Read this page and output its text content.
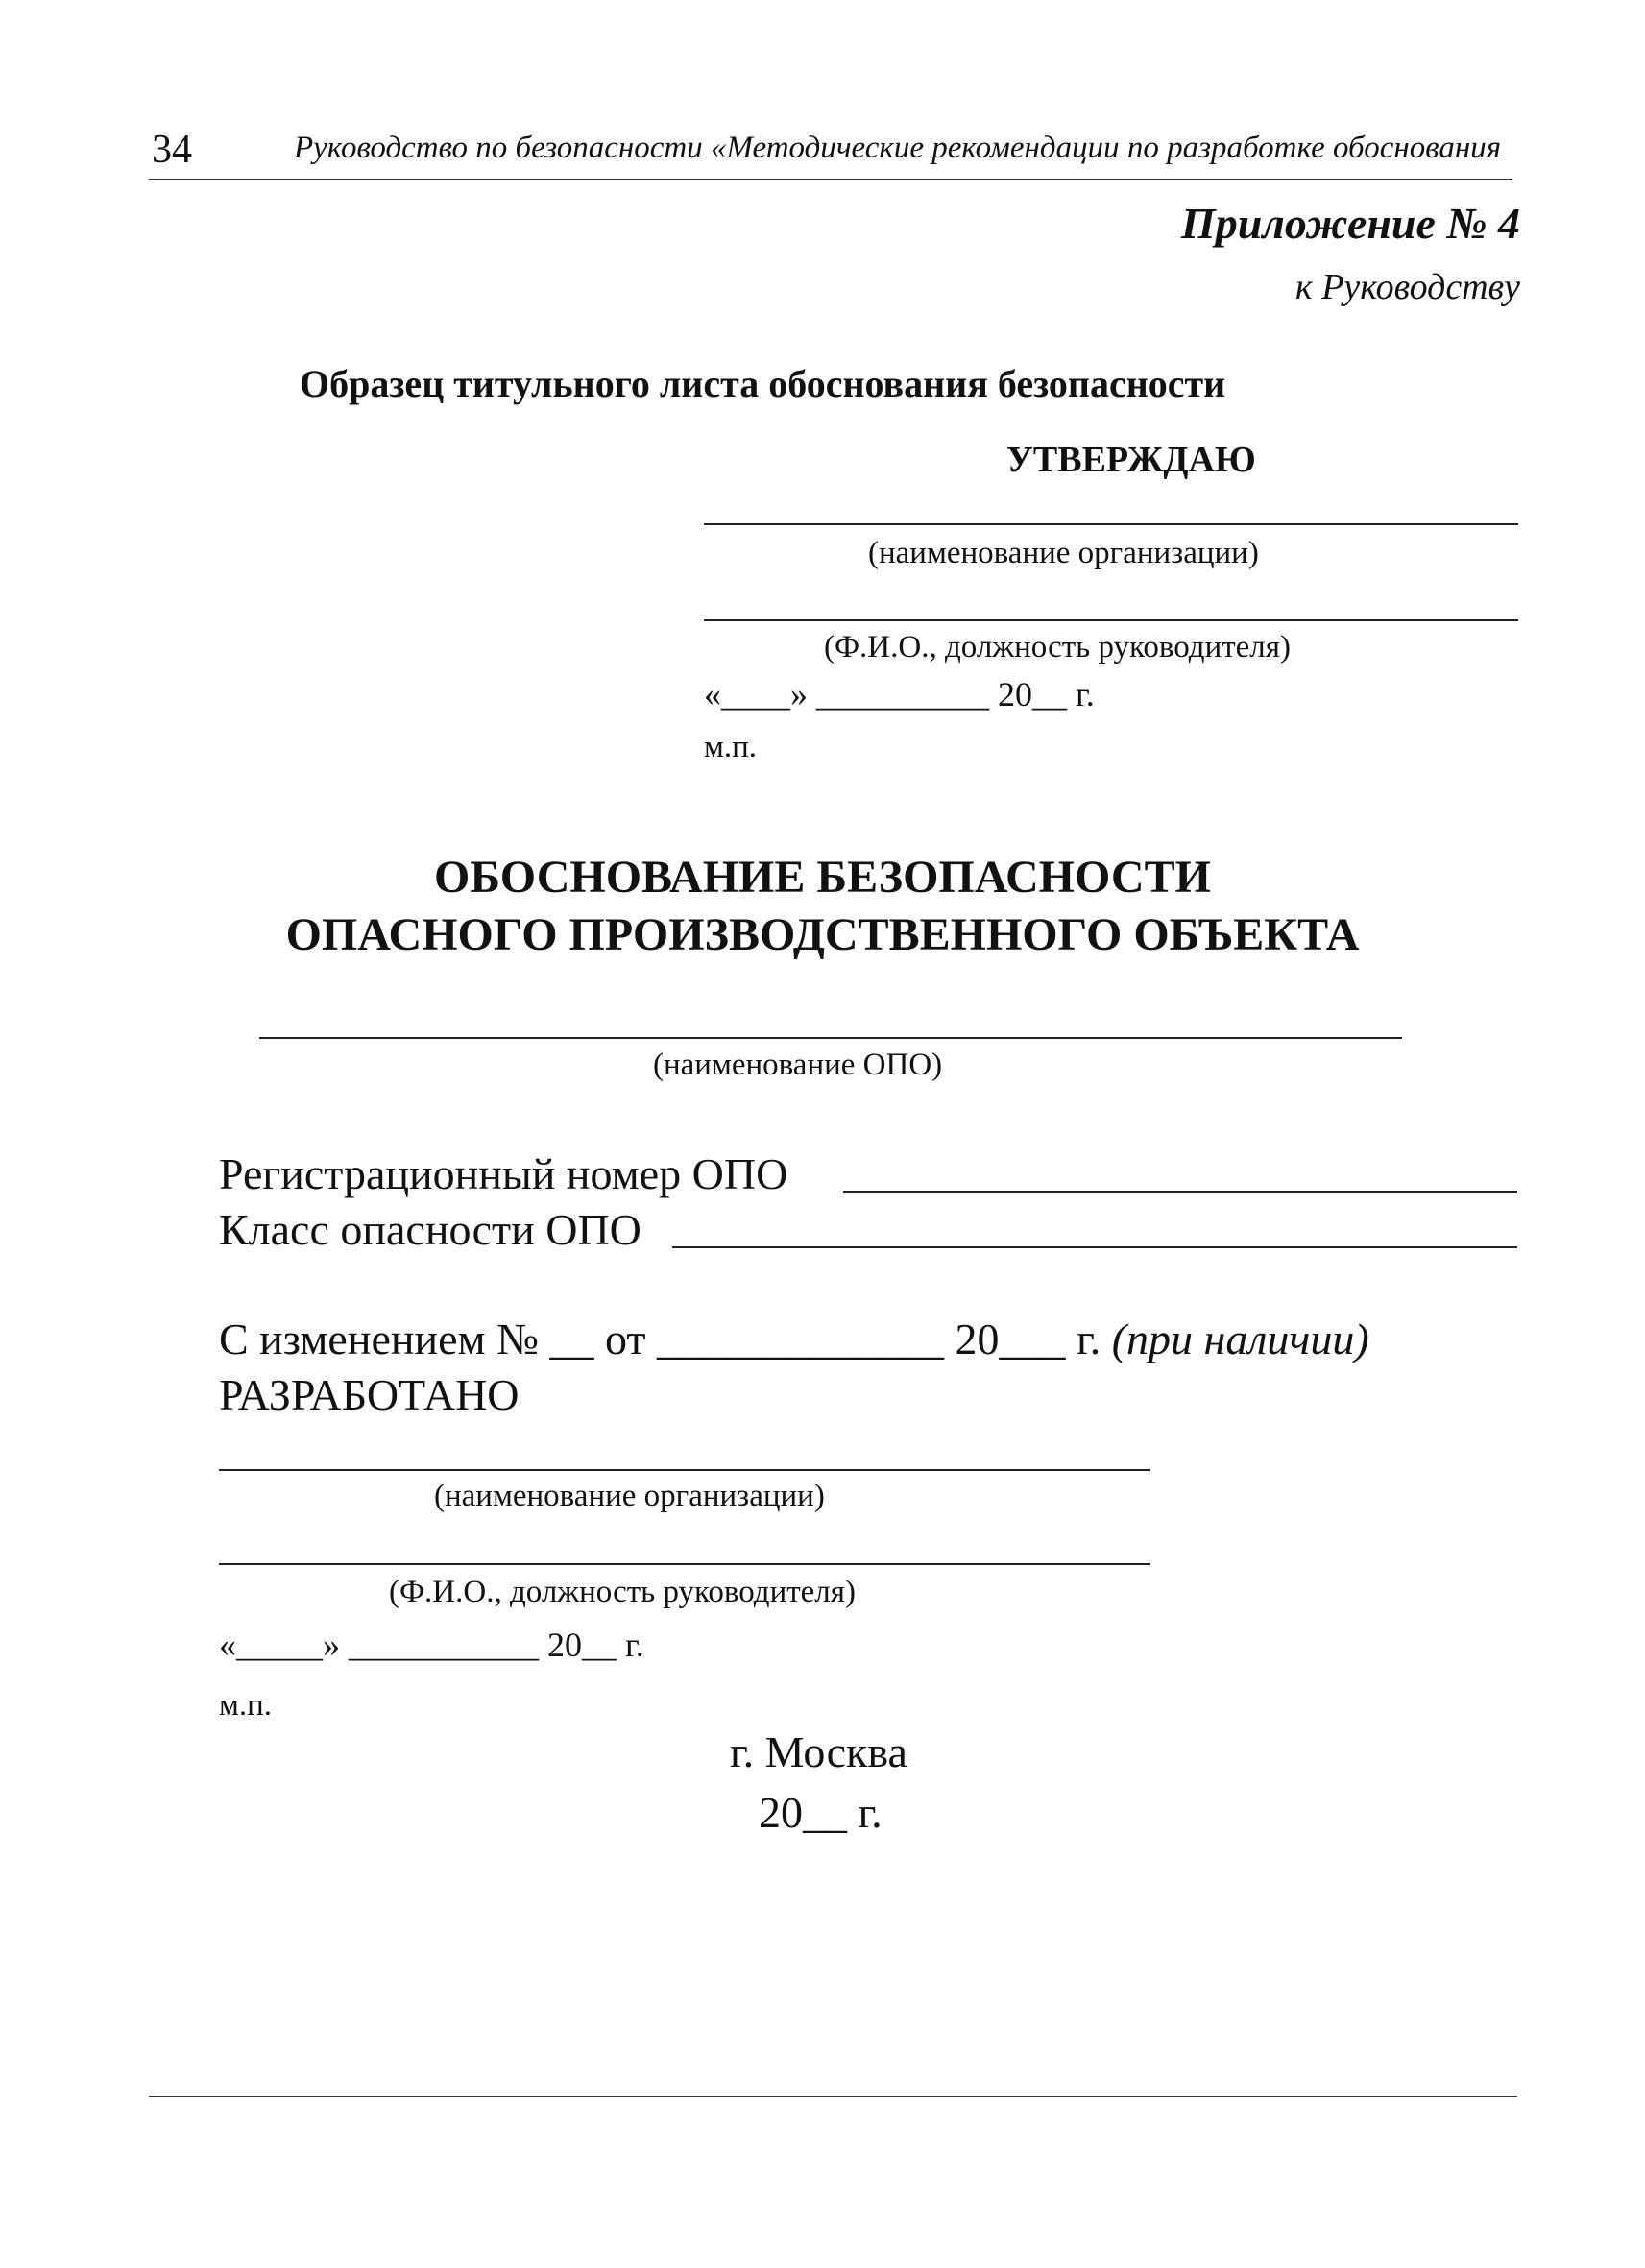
34	Руководство по безопасности «Методические рекомендации по разработке обоснования
Приложение № 4
к Руководству
Образец титульного листа обоснования безопасности
УТВЕРЖДАЮ
(наименование организации)
(Ф.И.О., должность руководителя)
«____» __________ 20__ г.
м.п.
ОБОСНОВАНИЕ БЕЗОПАСНОСТИ
ОПАСНОГО ПРОИЗВОДСТВЕННОГО ОБЪЕКТА
(наименование ОПО)
Регистрационный номер ОПО
Класс опасности ОПО
С изменением № __ от _____________ 20___ г. (при наличии)
РАЗРАБОТАНО
(наименование организации)
(Ф.И.О., должность руководителя)
«_____» ___________ 20__ г.
м.п.
г. Москва
20__ г.
